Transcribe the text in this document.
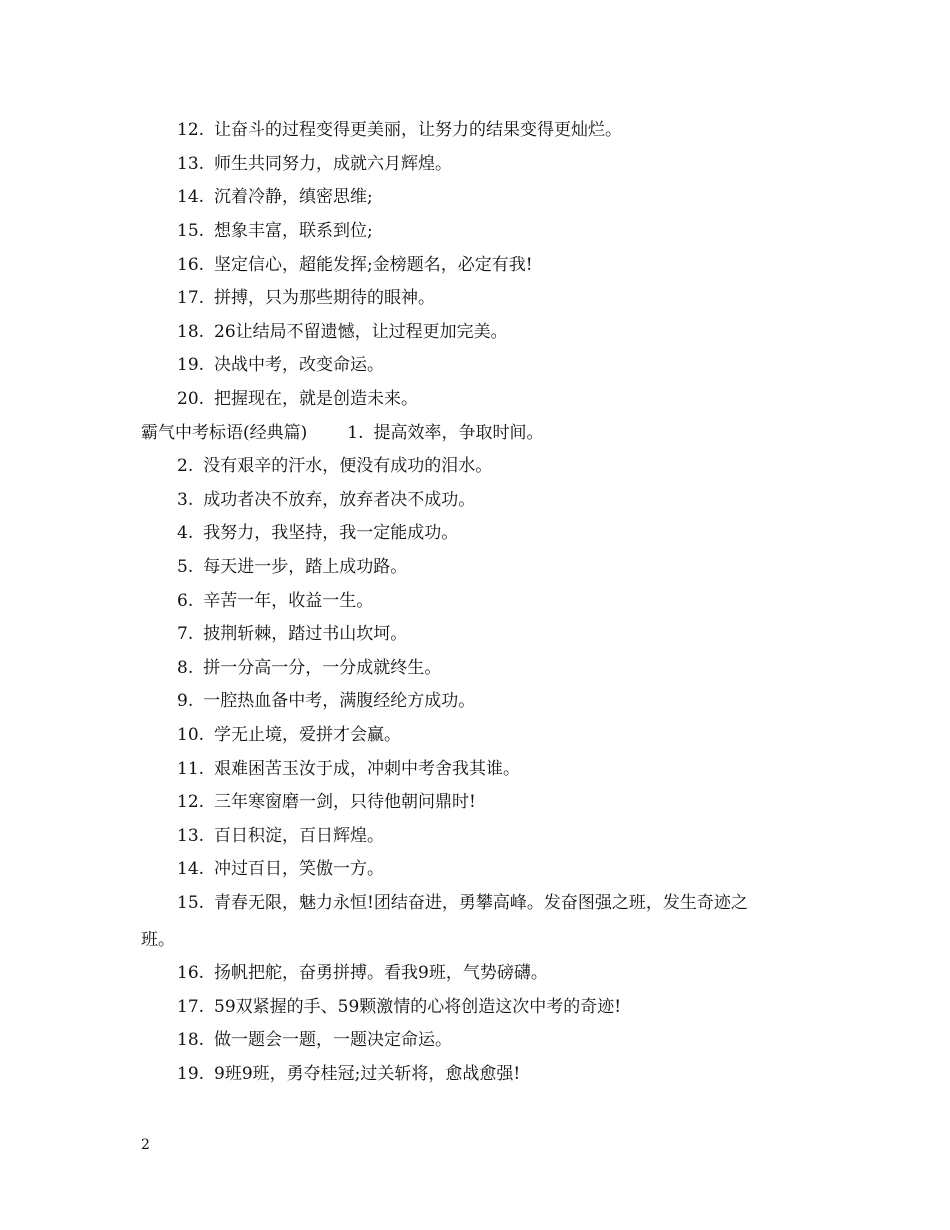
12. 让奋斗的过程变得更美丽，让努力的结果变得更灿烂。
13. 师生共同努力，成就六月辉煌。
14. 沉着冷静，缜密思维;
15. 想象丰富，联系到位;
16. 坚定信心，超能发挥;金榜题名，必定有我!
17. 拼搏，只为那些期待的眼神。
18. 26让结局不留遗憾，让过程更加完美。
19. 决战中考，改变命运。
20. 把握现在，就是创造未来。
霸气中考标语(经典篇) 1. 提高效率，争取时间。
2. 没有艰辛的汗水，便没有成功的泪水。
3. 成功者决不放弃，放弃者决不成功。
4. 我努力，我坚持，我一定能成功。
5. 每天进一步，踏上成功路。
6. 辛苦一年，收益一生。
7. 披荆斩棘，踏过书山坎坷。
8. 拼一分高一分，一分成就终生。
9. 一腔热血备中考，满腹经纶方成功。
10. 学无止境，爱拼才会赢。
11. 艰难困苦玉汝于成，冲刺中考舍我其谁。
12. 三年寒窗磨一剑，只待他朝问鼎时!
13. 百日积淀，百日辉煌。
14. 冲过百日，笑傲一方。
15. 青春无限，魅力永恒!团结奋进，勇攀高峰。发奋图强之班，发生奇迹之
班。
16. 扬帆把舵，奋勇拼搏。看我9班，气势磅礴。
17. 59双紧握的手、59颗激情的心将创造这次中考的奇迹!
18. 做一题会一题，一题决定命运。
19. 9班9班，勇夺桂冠;过关斩将，愈战愈强!
2
